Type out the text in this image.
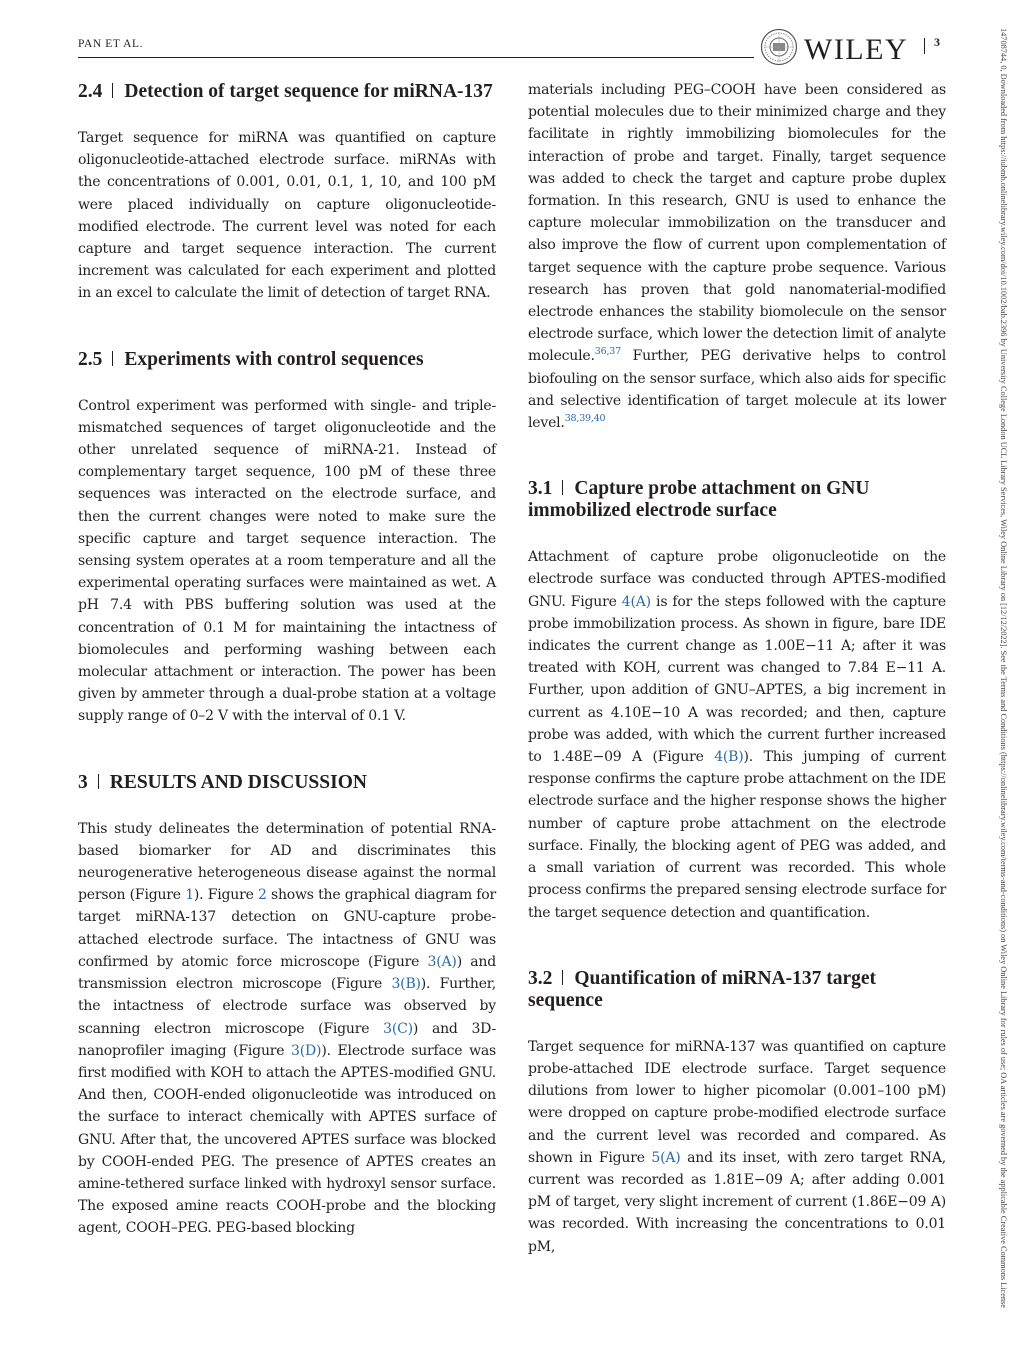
PAN ET AL.	WILEY 3
2.4 Detection of target sequence for miRNA-137

Target sequence for miRNA was quantified on capture oligonucleotide-attached electrode surface. miRNAs with the concentrations of 0.001, 0.01, 0.1, 1, 10, and 100 pM were placed individually on capture oligonucleotide-modified electrode. The current level was noted for each capture and target sequence interaction. The current increment was calculated for each experiment and plotted in an excel to calculate the limit of detection of target RNA.

2.5 Experiments with control sequences

Control experiment was performed with single- and triple-mismatched sequences of target oligonucleotide and the other unrelated sequence of miRNA-21. Instead of complementary target sequence, 100 pM of these three sequences was interacted on the electrode surface, and then the current changes were noted to make sure the specific capture and target sequence interaction. The sensing system operates at a room temperature and all the experimental operating surfaces were maintained as wet. A pH 7.4 with PBS buffering solution was used at the concentration of 0.1 M for maintaining the intactness of biomolecules and performing washing between each molecular attachment or interaction. The power has been given by ammeter through a dual-probe station at a voltage supply range of 0–2 V with the interval of 0.1 V.

3 RESULTS AND DISCUSSION

This study delineates the determination of potential RNA-based biomarker for AD and discriminates this neurogenerative heterogeneous disease against the normal person (Figure 1). Figure 2 shows the graphical diagram for target miRNA-137 detection on GNU-capture probe-attached electrode surface. The intactness of GNU was confirmed by atomic force microscope (Figure 3(A)) and transmission electron microscope (Figure 3(B)). Further, the intactness of electrode surface was observed by scanning electron microscope (Figure 3(C)) and 3D-nanoprofiler imaging (Figure 3(D)). Electrode surface was first modified with KOH to attach the APTES-modified GNU. And then, COOH-ended oligonucleotide was introduced on the surface to interact chemically with APTES surface of GNU. After that, the uncovered APTES surface was blocked by COOH-ended PEG. The presence of APTES creates an amine-tethered surface linked with hydroxyl sensor surface. The exposed amine reacts COOH-probe and the blocking agent, COOH–PEG. PEG-based blocking

materials including PEG–COOH have been considered as potential molecules due to their minimized charge and they facilitate in rightly immobilizing biomolecules for the interaction of probe and target. Finally, target sequence was added to check the target and capture probe duplex formation. In this research, GNU is used to enhance the capture molecular immobilization on the transducer and also improve the flow of current upon complementation of target sequence with the capture probe sequence. Various research has proven that gold nanomaterial-modified electrode enhances the stability biomolecule on the sensor electrode surface, which lower the detection limit of analyte molecule.$^{36,37}$ Further, PEG derivative helps to control biofouling on the sensor surface, which also aids for specific and selective identification of target molecule at its lower level.$^{38,39,40}$

3.1 Capture probe attachment on GNU immobilized electrode surface

Attachment of capture probe oligonucleotide on the electrode surface was conducted through APTES-modified GNU. Figure 4(A) is for the steps followed with the capture probe immobilization process. As shown in figure, bare IDE indicates the current change as 1.00E−11 A; after it was treated with KOH, current was changed to 7.84 E−11 A. Further, upon addition of GNU–APTES, a big increment in current as 4.10E−10 A was recorded; and then, capture probe was added, with which the current further increased to 1.48E−09 A (Figure 4(B)). This jumping of current response confirms the capture probe attachment on the IDE electrode surface and the higher response shows the higher number of capture probe attachment on the electrode surface. Finally, the blocking agent of PEG was added, and a small variation of current was recorded. This whole process confirms the prepared sensing electrode surface for the target sequence detection and quantification.

3.2 Quantification of miRNA-137 target sequence

Target sequence for miRNA-137 was quantified on capture probe-attached IDE electrode surface. Target sequence dilutions from lower to higher picomolar (0.001–100 pM) were dropped on capture probe-modified electrode surface and the current level was recorded and compared. As shown in Figure 5(A) and its inset, with zero target RNA, current was recorded as 1.81E−09 A; after adding 0.001 pM of target, very slight increment of current (1.86E−09 A) was recorded. With increasing the concentrations to 0.01 pM,	14708744, 0, Downloaded from https://iubmb.onlinelibrary.wiley.com/doi/10.1002/bab.2396 by University College London UCL Library Services, Wiley Online Library on [12/12/2022]. See the Terms and Conditions (https://onlinelibrary.wiley.com/terms-and-conditions) on Wiley Online Library for rules of use; OA articles are governed by the applicable Creative Commons License
